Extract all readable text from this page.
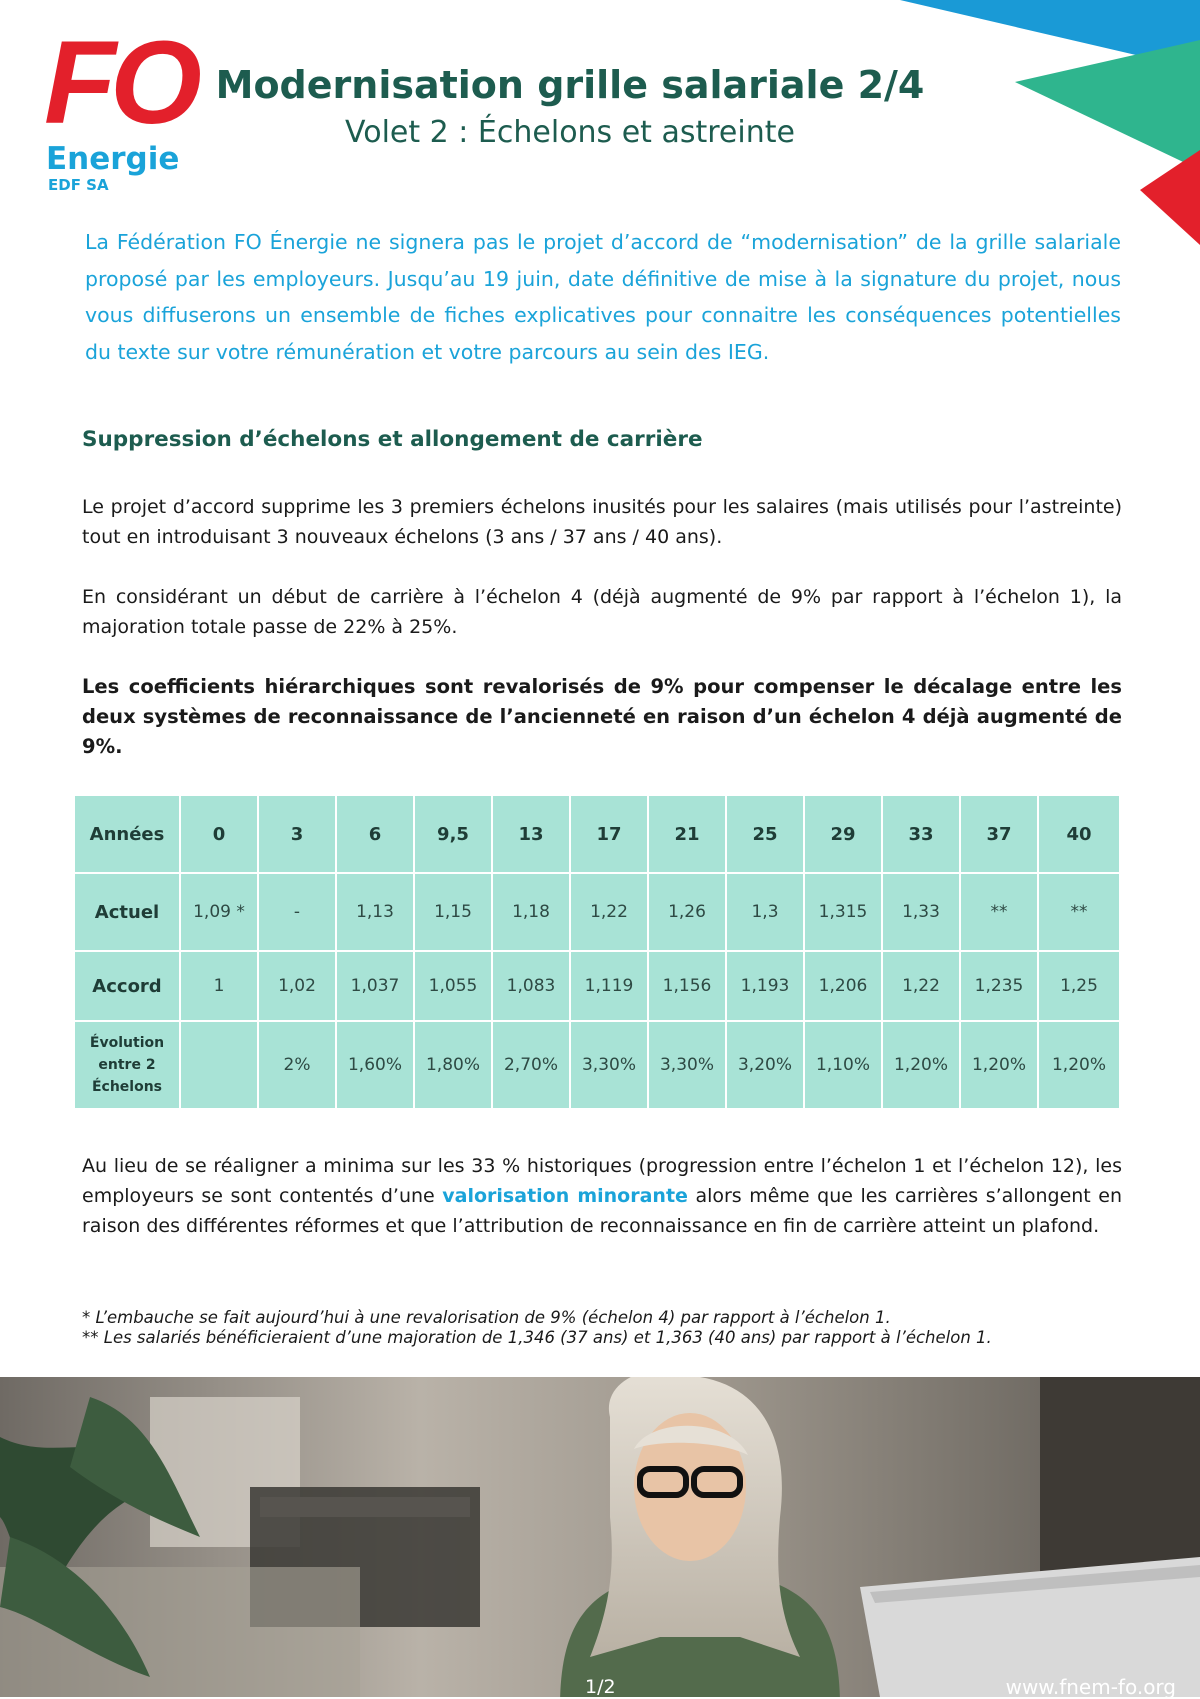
FO
Energie
EDF SA
Modernisation grille salariale 2/4
Volet 2 : Échelons et astreinte

La Fédération FO Énergie ne signera pas le projet d’accord de “modernisation” de la grille salariale proposé par les employeurs. Jusqu’au 19 juin, date définitive de mise à la signature du projet, nous vous diffuserons un ensemble de fiches explicatives pour connaitre les conséquences potentielles du texte sur votre rémunération et votre parcours au sein des IEG.

Suppression d’échelons et allongement de carrière

Le projet d’accord supprime les 3 premiers échelons inusités pour les salaires (mais utilisés pour l’astreinte) tout en introduisant 3 nouveaux échelons (3 ans / 37 ans / 40 ans).

En considérant un début de carrière à l’échelon 4 (déjà augmenté de 9% par rapport à l’échelon 1), la majoration totale passe de 22% à 25%.

Les coefficients hiérarchiques sont revalorisés de 9% pour compenser le décalage entre les deux systèmes de reconnaissance de l’ancienneté en raison d’un échelon 4 déjà augmenté de 9%.

Années	0	3	6	9,5	13	17	21	25	29	33	37	40
Actuel	1,09 *	-	1,13	1,15	1,18	1,22	1,26	1,3	1,315	1,33	**	**
Accord	1	1,02	1,037	1,055	1,083	1,119	1,156	1,193	1,206	1,22	1,235	1,25

Évolution
entre 2
Échelons		2%	1,60%	1,80%	2,70%	3,30%	3,30%	3,20%	1,10%	1,20%	1,20%	1,20%

Au lieu de se réaligner a minima sur les 33 % historiques (progression entre l’échelon 1 et l’échelon 12), les employeurs se sont contentés d’une valorisation minorante alors même que les carrières s’allongent en raison des différentes réformes et que l’attribution de reconnaissance en fin de carrière atteint un plafond.

* L’embauche se fait aujourd’hui à une revalorisation de 9% (échelon 4) par rapport à l’échelon 1.
** Les salariés bénéficieraient d’une majoration de 1,346 (37 ans) et 1,363 (40 ans) par rapport à l’échelon 1.
1/2	www.fnem-fo.org
